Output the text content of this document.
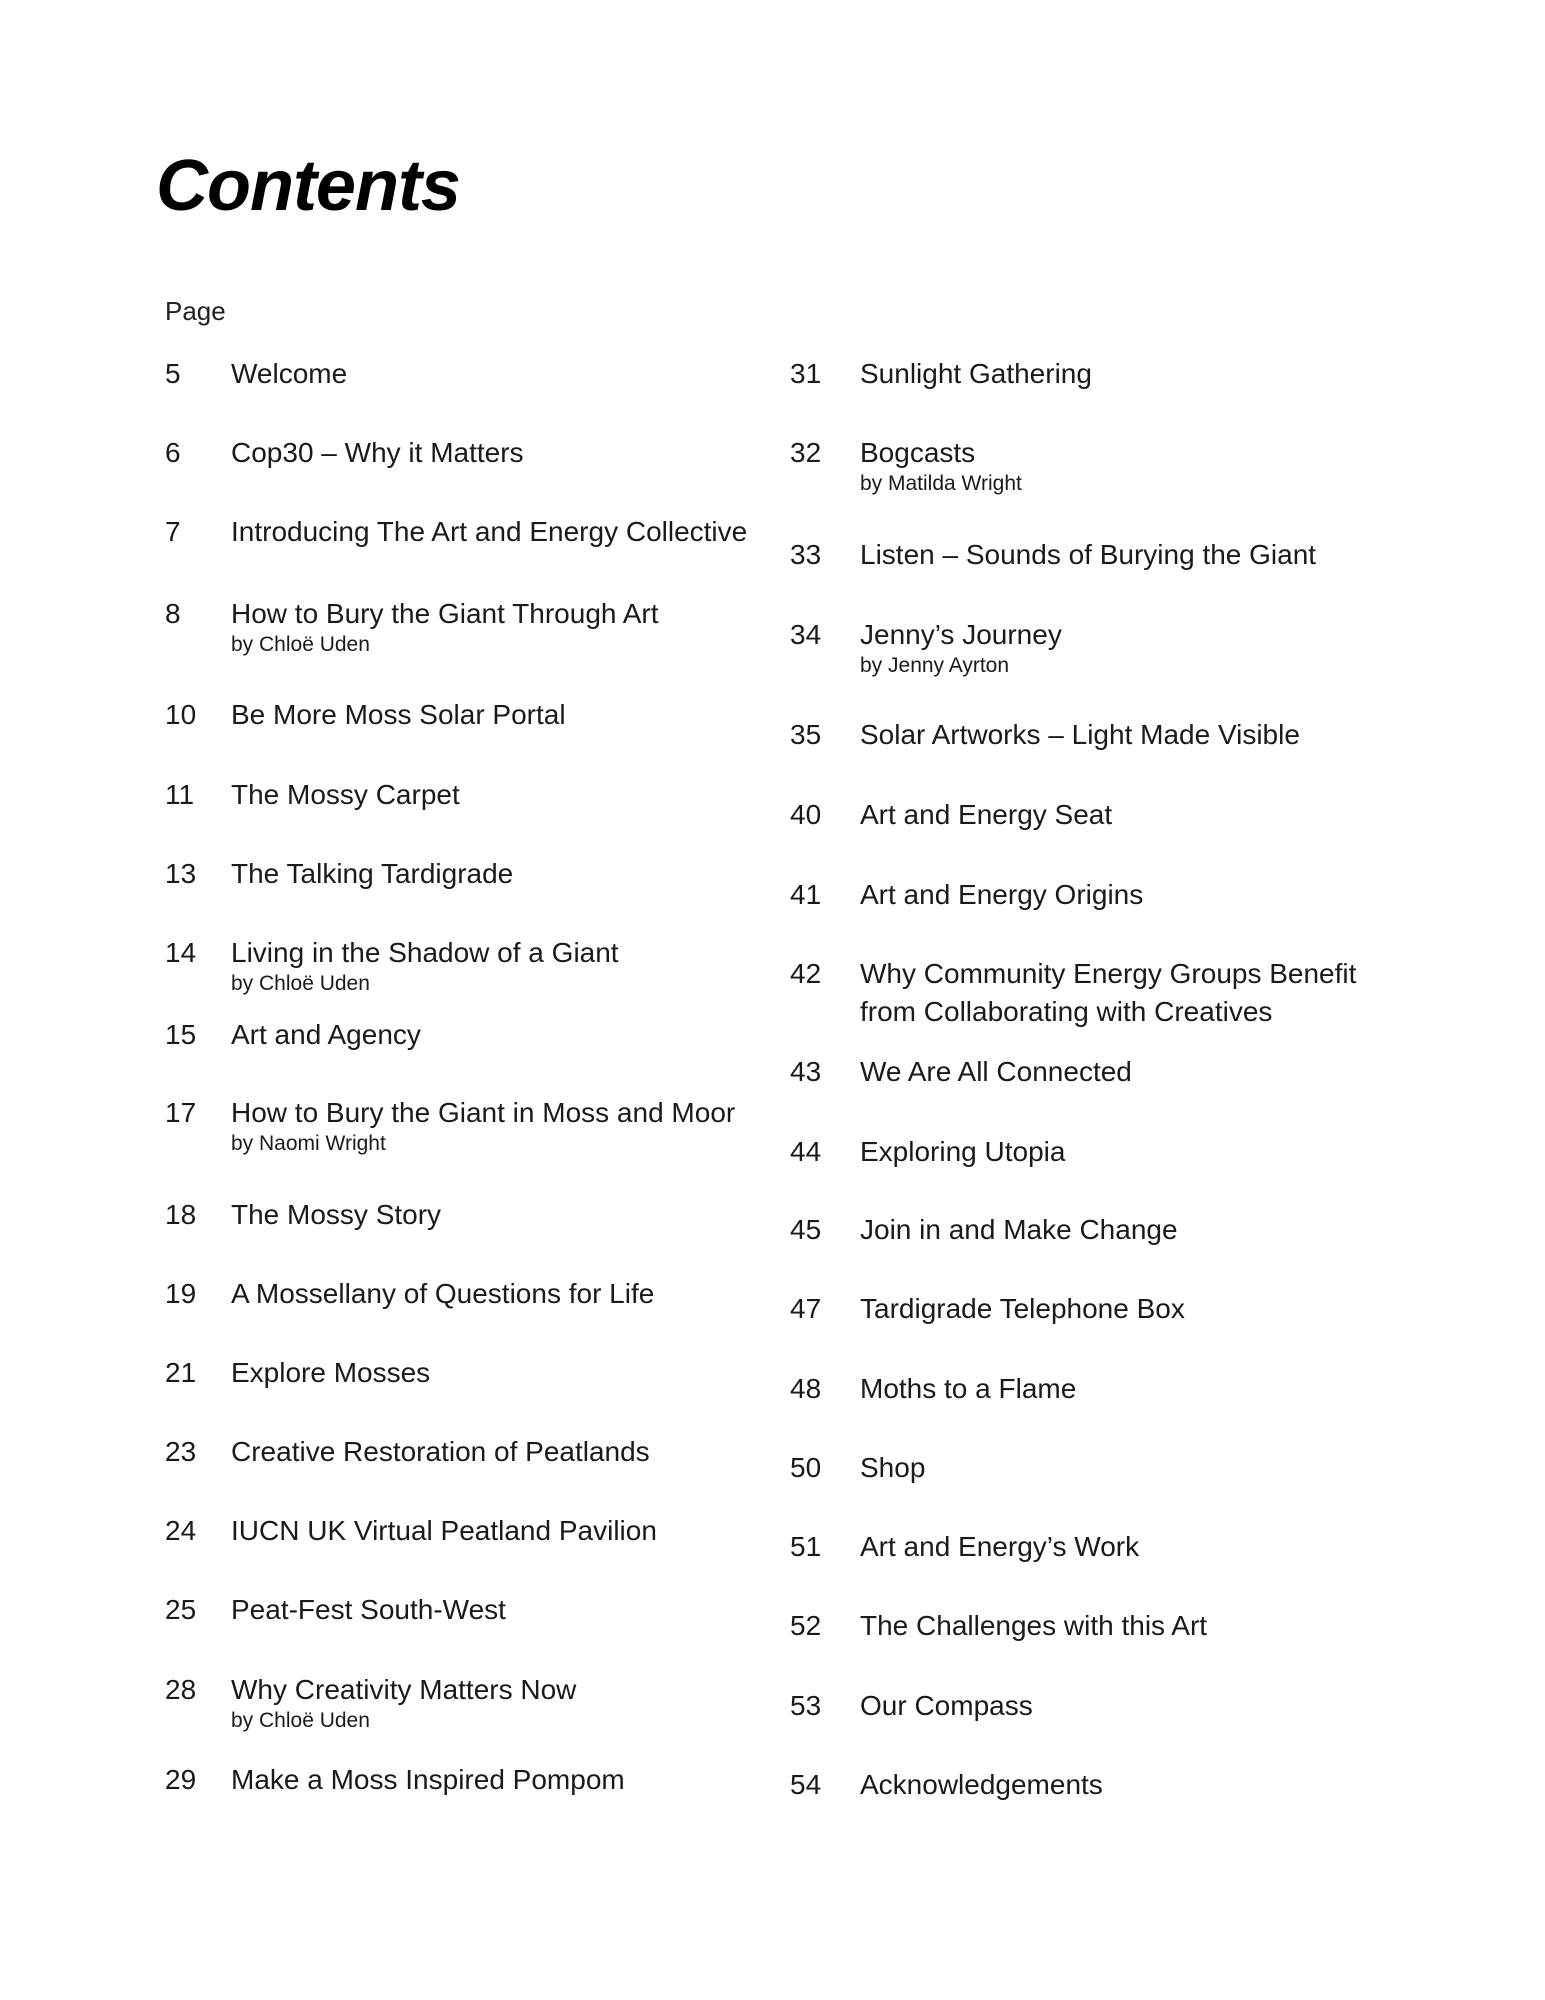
Contents
Page
5 Welcome
6 Cop30 – Why it Matters
7 Introducing The Art and Energy Collective
8 How to Bury the Giant Through Art
by Chloë Uden
10 Be More Moss Solar Portal
11 The Mossy Carpet
13 The Talking Tardigrade
14 Living in the Shadow of a Giant
by Chloë Uden
15 Art and Agency
17 How to Bury the Giant in Moss and Moor
by Naomi Wright
18 The Mossy Story
19 A Mossellany of Questions for Life
21 Explore Mosses
23 Creative Restoration of Peatlands
24 IUCN UK Virtual Peatland Pavilion
25 Peat-Fest South-West
28 Why Creativity Matters Now
by Chloë Uden
29 Make a Moss Inspired Pompom
31 Sunlight Gathering
32 Bogcasts
by Matilda Wright
33 Listen – Sounds of Burying the Giant
34 Jenny’s Journey
by Jenny Ayrton
35 Solar Artworks – Light Made Visible
40 Art and Energy Seat
41 Art and Energy Origins
42 Why Community Energy Groups Benefit from Collaborating with Creatives
43 We Are All Connected
44 Exploring Utopia
45 Join in and Make Change
47 Tardigrade Telephone Box
48 Moths to a Flame
50 Shop
51 Art and Energy’s Work
52 The Challenges with this Art
53 Our Compass
54 Acknowledgements
